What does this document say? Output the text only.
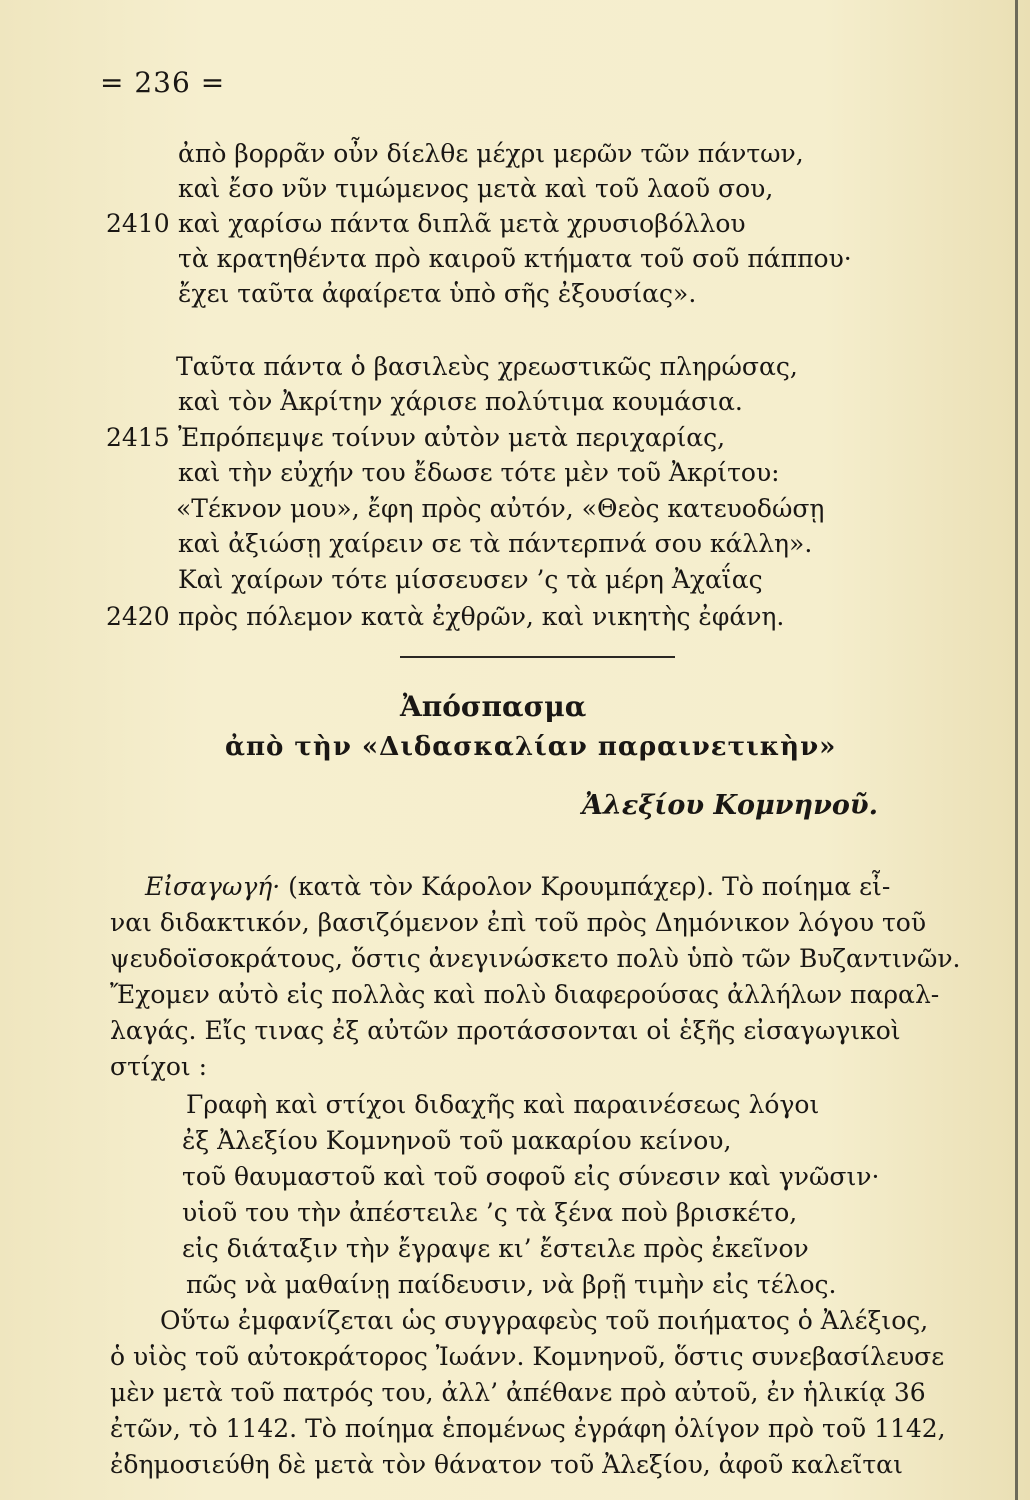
= 236 =
ἀπὸ βορρᾶν οὖν δίελθε μέχρι μερῶν τῶν πάντων,
καὶ ἔσο νῦν τιμώμενος μετὰ καὶ τοῦ λαοῦ σου,
2410 καὶ χαρίσω πάντα διπλᾶ μετὰ χρυσιοβόλλου
τὰ κρατηθέντα πρὸ καιροῦ κτήματα τοῦ σοῦ πάππου·
ἔχει ταῦτα ἀφαίρετα ὑπὸ σῆς ἐξουσίας».
Ταῦτα πάντα ὁ βασιλεὺς χρεωστικῶς πληρώσας,
καὶ τὸν Ἀκρίτην χάρισε πολύτιμα κουμάσια.
2415 Ἐπρόπεμψε τοίνυν αὐτὸν μετὰ περιχαρίας,
καὶ τὴν εὐχήν του ἔδωσε τότε μὲν τοῦ Ἀκρίτου:
«Τέκνον μου», ἔφη πρὸς αὐτόν, «Θεὸς κατευοδώσῃ
καὶ ἀξιώσῃ χαίρειν σε τὰ πάντερπνά σου κάλλη».
Καὶ χαίρων τότε μίσσευσεν ’ς τὰ μέρη Ἀχαΐας
2420 πρὸς πόλεμον κατὰ ἐχθρῶν, καὶ νικητὴς ἐφάνη.
Ἀπόσπασμα
ἀπὸ τὴν «Διδασκαλίαν παραινετικὴν»
Ἀλεξίου Κομνηνοῦ.
Εἰσαγωγή· (κατὰ τὸν Κάρολον Κρουμπάχερ). Τὸ ποίημα εἶ-
ναι διδακτικόν, βασιζόμενον ἐπὶ τοῦ πρὸς Δημόνικον λόγου τοῦ
ψευδοϊσοκράτους, ὅστις ἀνεγινώσκετο πολὺ ὑπὸ τῶν Βυζαντινῶν.
Ἔχομεν αὐτὸ εἰς πολλὰς καὶ πολὺ διαφερούσας ἀλλήλων παραλ-
λαγάς. Εἴς τινας ἐξ αὐτῶν προτάσσονται οἱ ἑξῆς εἰσαγωγικοὶ
στίχοι :
Γραφὴ καὶ στίχοι διδαχῆς καὶ παραινέσεως λόγοι
ἐξ Ἀλεξίου Κομνηνοῦ τοῦ μακαρίου κείνου,
τοῦ θαυμαστοῦ καὶ τοῦ σοφοῦ εἰς σύνεσιν καὶ γνῶσιν·
υἱοῦ του τὴν ἀπέστειλε ’ς τὰ ξένα ποὺ βρισκέτο,
εἰς διάταξιν τὴν ἔγραψε κι’ ἔστειλε πρὸς ἐκεῖνον
πῶς νὰ μαθαίνῃ παίδευσιν, νὰ βρῇ τιμὴν εἰς τέλος.
Οὕτω ἐμφανίζεται ὡς συγγραφεὺς τοῦ ποιήματος ὁ Ἀλέξιος,
ὁ υἱὸς τοῦ αὐτοκράτορος Ἰωάνν. Κομνηνοῦ, ὅστις συνεβασίλευσε
μὲν μετὰ τοῦ πατρός του, ἀλλ’ ἀπέθανε πρὸ αὐτοῦ, ἐν ἡλικίᾳ 36
ἐτῶν, τὸ 1142. Τὸ ποίημα ἑπομένως ἐγράφη ὀλίγον πρὸ τοῦ 1142,
ἐδημοσιεύθη δὲ μετὰ τὸν θάνατον τοῦ Ἀλεξίου, ἀφοῦ καλεῖται
